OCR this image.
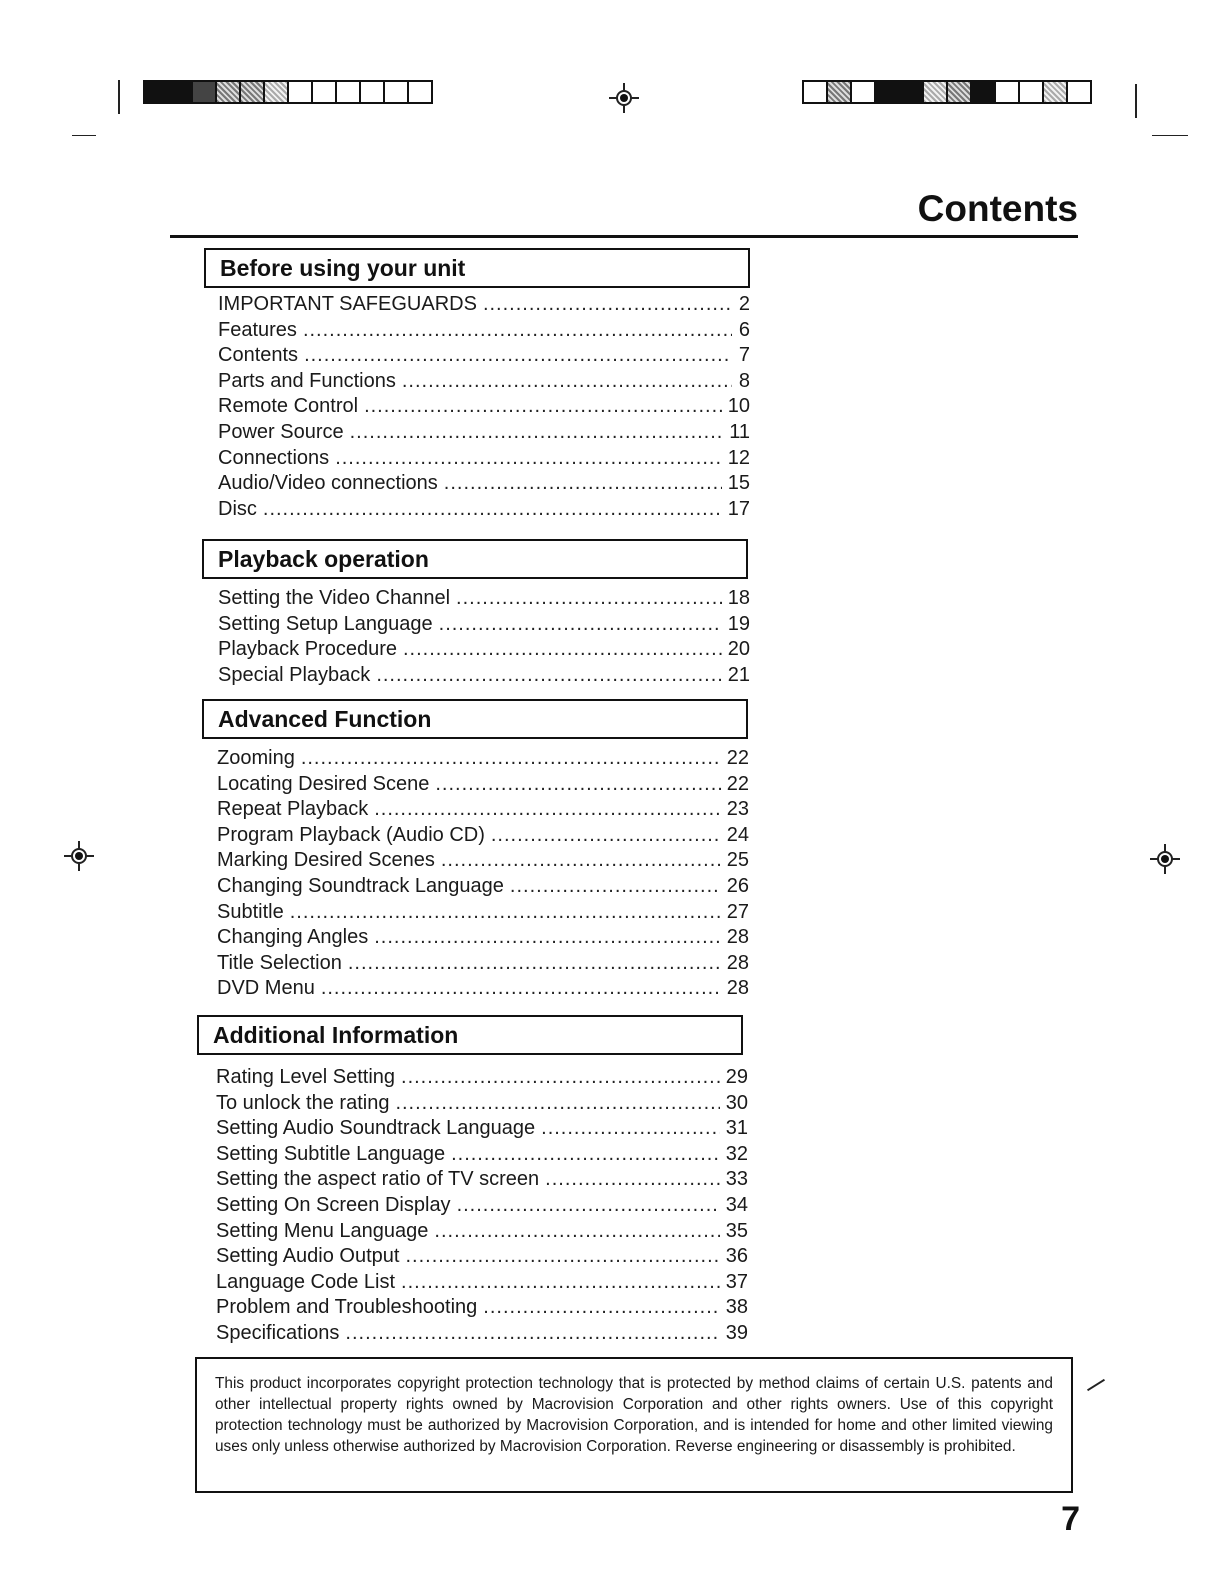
Contents
Before using your unit
IMPORTANT SAFEGUARDS .....	2
Features .....	6
Contents .....	7
Parts and Functions .....	8
Remote Control .....	10
Power Source .....	11
Connections .....	12
Audio/Video connections .....	15
Disc .....	17
Playback operation
Setting the Video Channel .....	18
Setting Setup Language .....	19
Playback Procedure .....	20
Special Playback .....	21
Advanced Function
Zooming .....	22
Locating Desired Scene .....	22
Repeat Playback .....	23
Program Playback (Audio CD) .....	24
Marking Desired Scenes .....	25
Changing Soundtrack Language .....	26
Subtitle .....	27
Changing Angles .....	28
Title Selection .....	28
DVD Menu .....	28
Additional Information
Rating Level Setting .....	29
To unlock the rating .....	30
Setting Audio Soundtrack Language .....	31
Setting Subtitle Language .....	32
Setting the aspect ratio of TV screen .....	33
Setting On Screen Display .....	34
Setting Menu Language .....	35
Setting Audio Output .....	36
Language Code List .....	37
Problem and Troubleshooting .....	38
Specifications .....	39
This product incorporates copyright protection technology that is protected by method claims of certain U.S. patents and other intellectual property rights owned by Macrovision Corporation and other rights owners. Use of this copyright protection technology must be authorized by Macrovision Corporation, and is intended for home and other limited viewing uses only unless otherwise authorized by Macrovision Corporation. Reverse engineering or disassembly is prohibited.
7
